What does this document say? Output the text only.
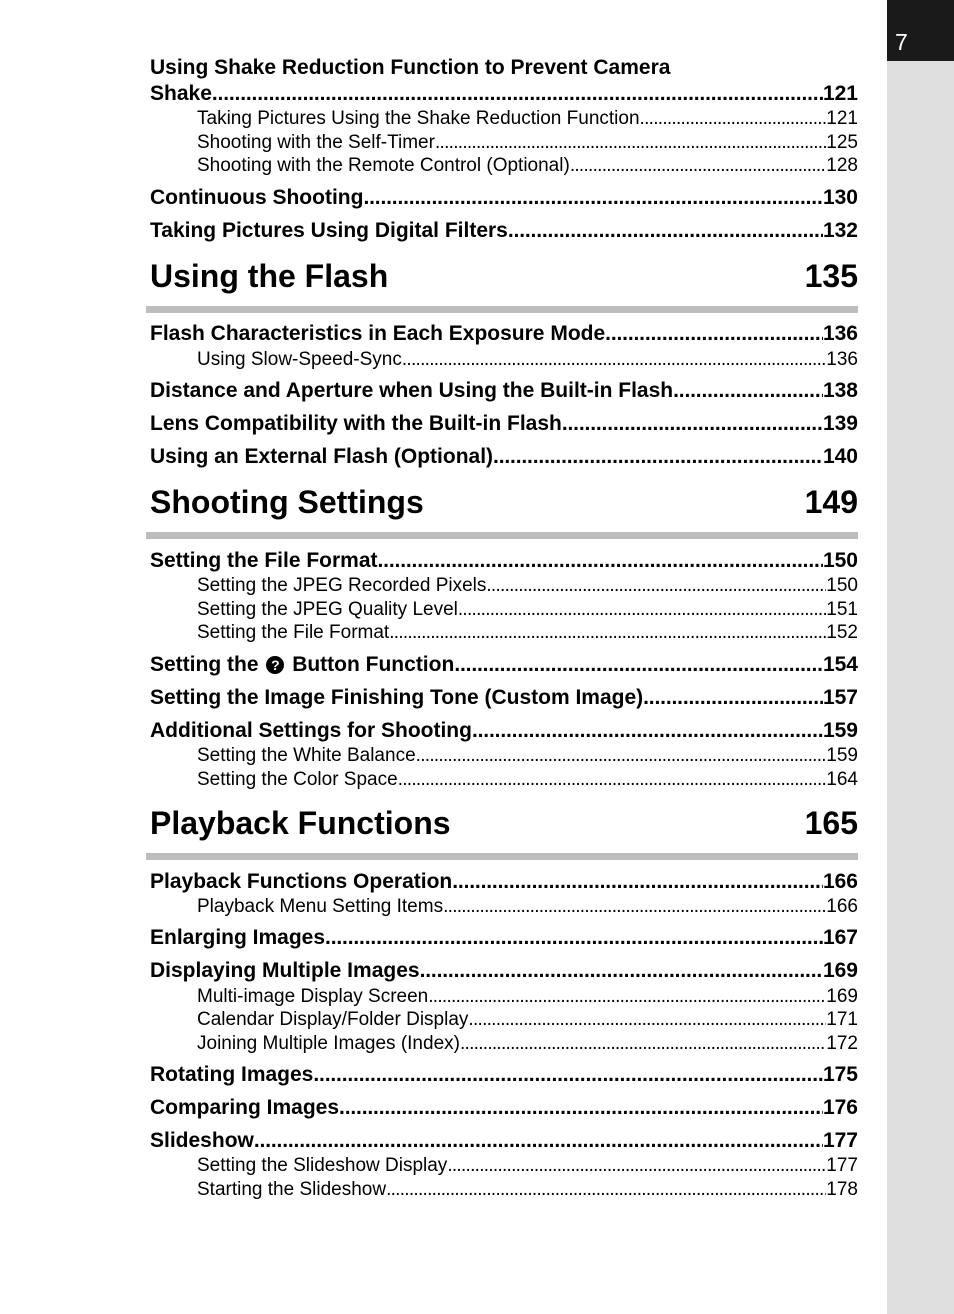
7
Using Shake Reduction Function to Prevent Camera
Shake . . .	121
Taking Pictures Using the Shake Reduction Function . . .	121
Shooting with the Self-Timer . . .	125
Shooting with the Remote Control (Optional) . . .	128
Continuous Shooting . . .	130
Taking Pictures Using Digital Filters . . .	132
Using the Flash	135
Flash Characteristics in Each Exposure Mode . . .	136
Using Slow-Speed-Sync . . .	136
Distance and Aperture when Using the Built-in Flash . . .	138
Lens Compatibility with the Built-in Flash . . .	139
Using an External Flash (Optional) . . .	140
Shooting Settings	149
Setting the File Format . . .	150
Setting the JPEG Recorded Pixels . . .	150
Setting the JPEG Quality Level . . .	151
Setting the File Format . . .	152
Setting the ? Button Function . . .	154
Setting the Image Finishing Tone (Custom Image) . . .	157
Additional Settings for Shooting . . .	159
Setting the White Balance . . .	159
Setting the Color Space . . .	164
Playback Functions	165
Playback Functions Operation . . .	166
Playback Menu Setting Items . . .	166
Enlarging Images . . .	167
Displaying Multiple Images . . .	169
Multi-image Display Screen . . .	169
Calendar Display/Folder Display . . .	171
Joining Multiple Images (Index) . . .	172
Rotating Images . . .	175
Comparing Images . . .	176
Slideshow . . .	177
Setting the Slideshow Display . . .	177
Starting the Slideshow . . .	178
